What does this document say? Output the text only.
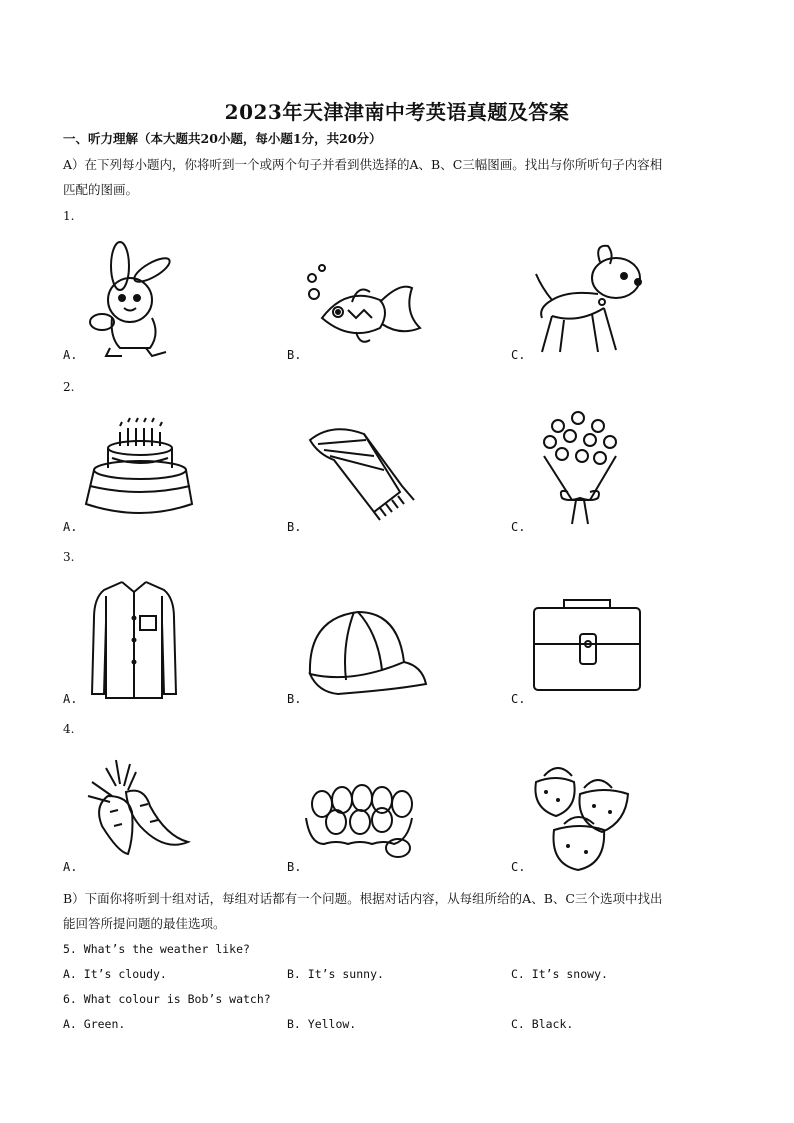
2023年天津津南中考英语真题及答案
一、听力理解（本大题共20小题，每小题1分，共20分）
A）在下列每小题内，你将听到一个或两个句子并看到供选择的A、B、C三幅图画。找出与你所听句子内容相
匹配的图画。
1.
A.	B.	C.
2.
A.	B.	C.
3.
A.	B.	C.
4.
A.	B.	C.
B）下面你将听到十组对话，每组对话都有一个问题。根据对话内容，从每组所给的A、B、C三个选项中找出
能回答所提问题的最佳选项。
5. What’s the weather like?
A. It’s cloudy.	B. It’s sunny.	C. It’s snowy.
6. What colour is Bob’s watch?
A. Green.	B. Yellow.	C. Black.
